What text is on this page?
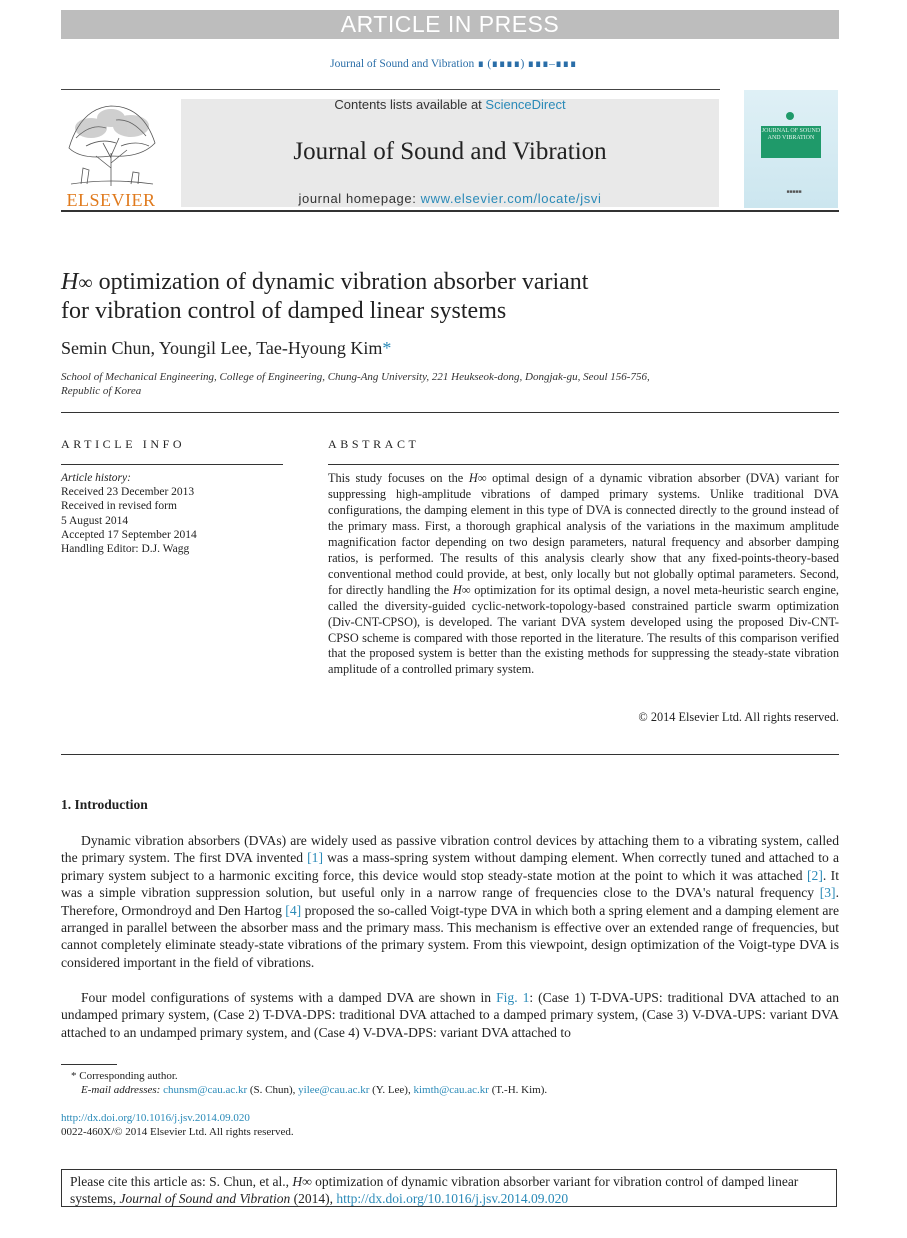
ARTICLE IN PRESS
Journal of Sound and Vibration ∎ (∎∎∎∎) ∎∎∎–∎∎∎
ELSEVIER
Contents lists available at ScienceDirect
Journal of Sound and Vibration
journal homepage: www.elsevier.com/locate/jsvi
JOURNAL OF SOUND AND VIBRATION
■■■■■
H∞ optimization of dynamic vibration absorber variant
for vibration control of damped linear systems
Semin Chun, Youngil Lee, Tae-Hyoung Kim*
School of Mechanical Engineering, College of Engineering, Chung-Ang University, 221 Heukseok-dong, Dongjak-gu, Seoul 156-756,
Republic of Korea
ARTICLE INFO
Article history:
Received 23 December 2013
Received in revised form
5 August 2014
Accepted 17 September 2014
Handling Editor: D.J. Wagg
ABSTRACT
This study focuses on the H∞ optimal design of a dynamic vibration absorber (DVA) variant for suppressing high-amplitude vibrations of damped primary systems. Unlike traditional DVA configurations, the damping element in this type of DVA is connected directly to the ground instead of the primary mass. First, a thorough graphical analysis of the variations in the maximum amplitude magnification factor depending on two design parameters, natural frequency and absorber damping ratios, is performed. The results of this analysis clearly show that any fixed-points-theory-based conventional method could provide, at best, only locally but not globally optimal parameters. Second, for directly handling the H∞ optimization for its optimal design, a novel meta-heuristic search engine, called the diversity-guided cyclic-network-topology-based constrained particle swarm optimization (Div-CNT-CPSO), is developed. The variant DVA system developed using the proposed Div-CNT-CPSO scheme is compared with those reported in the literature. The results of this comparison verified that the proposed system is better than the existing methods for suppressing the steady-state vibration amplitude of a controlled primary system.
© 2014 Elsevier Ltd. All rights reserved.
1. Introduction
Dynamic vibration absorbers (DVAs) are widely used as passive vibration control devices by attaching them to a vibrating system, called the primary system. The first DVA invented [1] was a mass-spring system without damping element. When correctly tuned and attached to a primary system subject to a harmonic exciting force, this device would stop steady-state motion at the point to which it was attached [2]. It was a simple vibration suppression solution, but useful only in a narrow range of frequencies close to the DVA's natural frequency [3]. Therefore, Ormondroyd and Den Hartog [4] proposed the so-called Voigt-type DVA in which both a spring element and a damping element are arranged in parallel between the absorber mass and the primary mass. This mechanism is effective over an extended range of frequencies, but cannot completely eliminate steady-state vibrations of the primary system. From this viewpoint, design optimization of the Voigt-type DVA is considered important in the field of vibrations.
Four model configurations of systems with a damped DVA are shown in Fig. 1: (Case 1) T-DVA-UPS: traditional DVA attached to an undamped primary system, (Case 2) T-DVA-DPS: traditional DVA attached to a damped primary system, (Case 3) V-DVA-UPS: variant DVA attached to an undamped primary system, and (Case 4) V-DVA-DPS: variant DVA attached to
* Corresponding author.
E-mail addresses: chunsm@cau.ac.kr (S. Chun), yilee@cau.ac.kr (Y. Lee), kimth@cau.ac.kr (T.-H. Kim).
http://dx.doi.org/10.1016/j.jsv.2014.09.020
0022-460X/© 2014 Elsevier Ltd. All rights reserved.
Please cite this article as: S. Chun, et al., H∞ optimization of dynamic vibration absorber variant for vibration control of damped linear systems, Journal of Sound and Vibration (2014), http://dx.doi.org/10.1016/j.jsv.2014.09.020
